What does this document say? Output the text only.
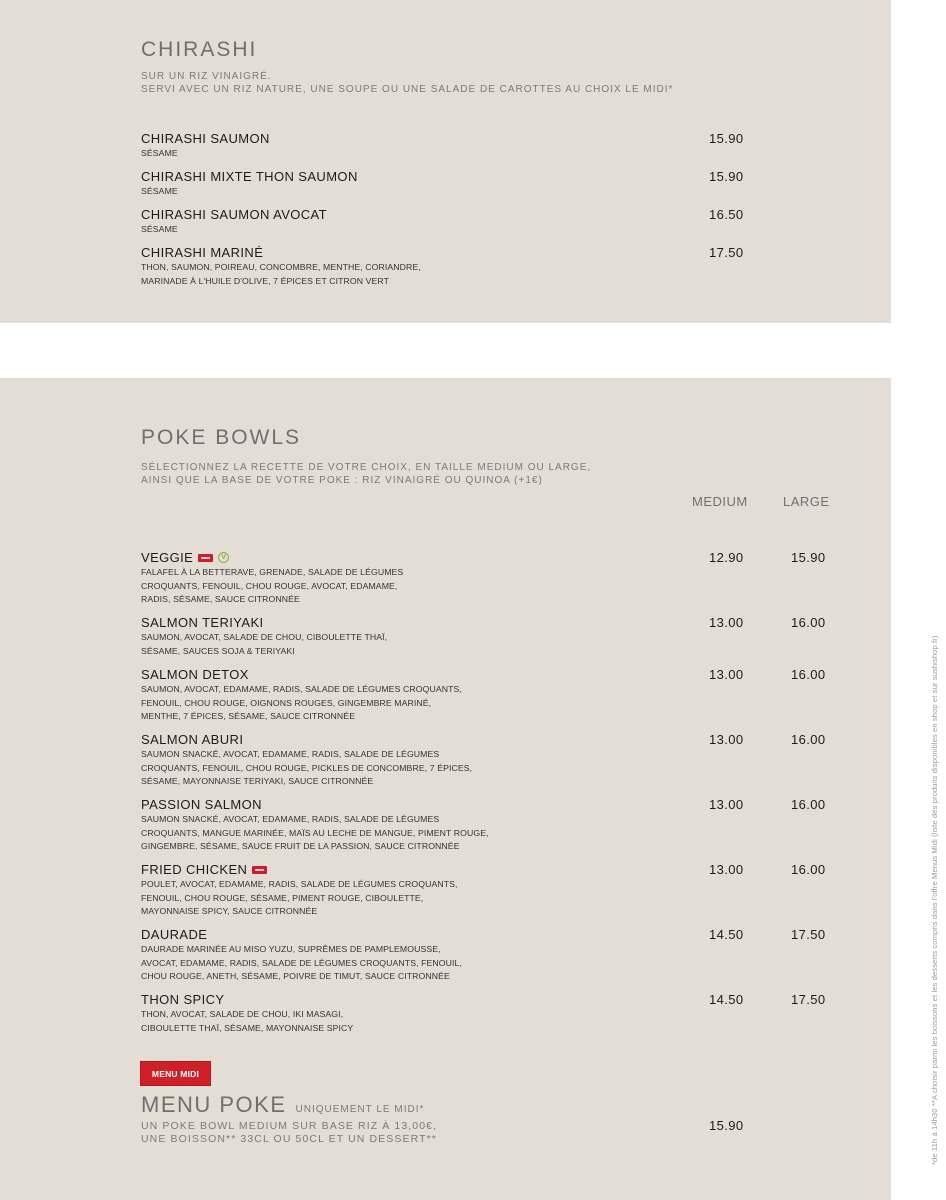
CHIRASHI

SUR UN RIZ VINAIGRÉ.
SERVI AVEC UN RIZ NATURE, UNE SOUPE OU UNE SALADE DE CAROTTES AU CHOIX LE MIDI*

CHIRASHI SAUMON
SÉSAME
15.90
CHIRASHI MIXTE THON SAUMON
SÉSAME
15.90
CHIRASHI SAUMON AVOCAT
SÉSAME
16.50
CHIRASHI MARINÉ
THON, SAUMON, POIREAU, CONCOMBRE, MENTHE, CORIANDRE,
MARINADE À L'HUILE D'OLIVE, 7 ÉPICES ET CITRON VERT
17.50
POKE BOWLS

SÉLECTIONNEZ LA RECETTE DE VOTRE CHOIX, EN TAILLE MEDIUM OU LARGE,
AINSI QUE LA BASE DE VOTRE POKE : RIZ VINAIGRÉ OU QUINOA (+1€)

MEDIUM	LARGE
VEGGIE	V
FALAFEL À LA BETTERAVE, GRENADE, SALADE DE LÉGUMES
CROQUANTS, FENOUIL, CHOU ROUGE, AVOCAT, EDAMAME,
RADIS, SÉSAME, SAUCE CITRONNÉE
12.90	15.90
SALMON TERIYAKI
SAUMON, AVOCAT, SALADE DE CHOU, CIBOULETTE THAÏ,
SÉSAME, SAUCES SOJA & TERIYAKI
13.00	16.00
SALMON DETOX
SAUMON, AVOCAT, EDAMAME, RADIS, SALADE DE LÉGUMES CROQUANTS,
FENOUIL, CHOU ROUGE, OIGNONS ROUGES, GINGEMBRE MARINÉ,
MENTHE, 7 ÉPICES, SÉSAME, SAUCE CITRONNÉE
13.00	16.00
SALMON ABURI
SAUMON SNACKÉ, AVOCAT, EDAMAME, RADIS, SALADE DE LÉGUMES
CROQUANTS, FENOUIL, CHOU ROUGE, PICKLES DE CONCOMBRE, 7 ÉPICES,
SÉSAME, MAYONNAISE TERIYAKI, SAUCE CITRONNÉE
13.00	16.00
PASSION SALMON
SAUMON SNACKÉ, AVOCAT, EDAMAME, RADIS, SALADE DE LÉGUMES
CROQUANTS, MANGUE MARINÉE, MAÏS AU LECHE DE MANGUE, PIMENT ROUGE,
GINGEMBRE, SÉSAME, SAUCE FRUIT DE LA PASSION, SAUCE CITRONNÉE
13.00	16.00
FRIED CHICKEN
POULET, AVOCAT, EDAMAME, RADIS, SALADE DE LÉGUMES CROQUANTS,
FENOUIL, CHOU ROUGE, SÉSAME, PIMENT ROUGE, CIBOULETTE,
MAYONNAISE SPICY, SAUCE CITRONNÉE
13.00	16.00
DAURADE
DAURADE MARINÉE AU MISO YUZU, SUPRÊMES DE PAMPLEMOUSSE,
AVOCAT, EDAMAME, RADIS, SALADE DE LÉGUMES CROQUANTS, FENOUIL,
CHOU ROUGE, ANETH, SÉSAME, POIVRE DE TIMUT, SAUCE CITRONNÉE
14.50	17.50
THON SPICY
THON, AVOCAT, SALADE DE CHOU, IKI MASAGI,
CIBOULETTE THAÏ, SÉSAME, MAYONNAISE SPICY
14.50	17.50
MENU MIDI
MENU POKE UNIQUEMENT LE MIDI*

UN POKE BOWL MEDIUM SUR BASE RIZ À 13,00€,
UNE BOISSON** 33CL OU 50CL ET UN DESSERT**

15.90	*de 11h à 14h30 **A choisir parmi les boissons et les desserts compris dans l'offre Menus Midi (liste des produits disponibles en shop et sur sushishop.fr)
